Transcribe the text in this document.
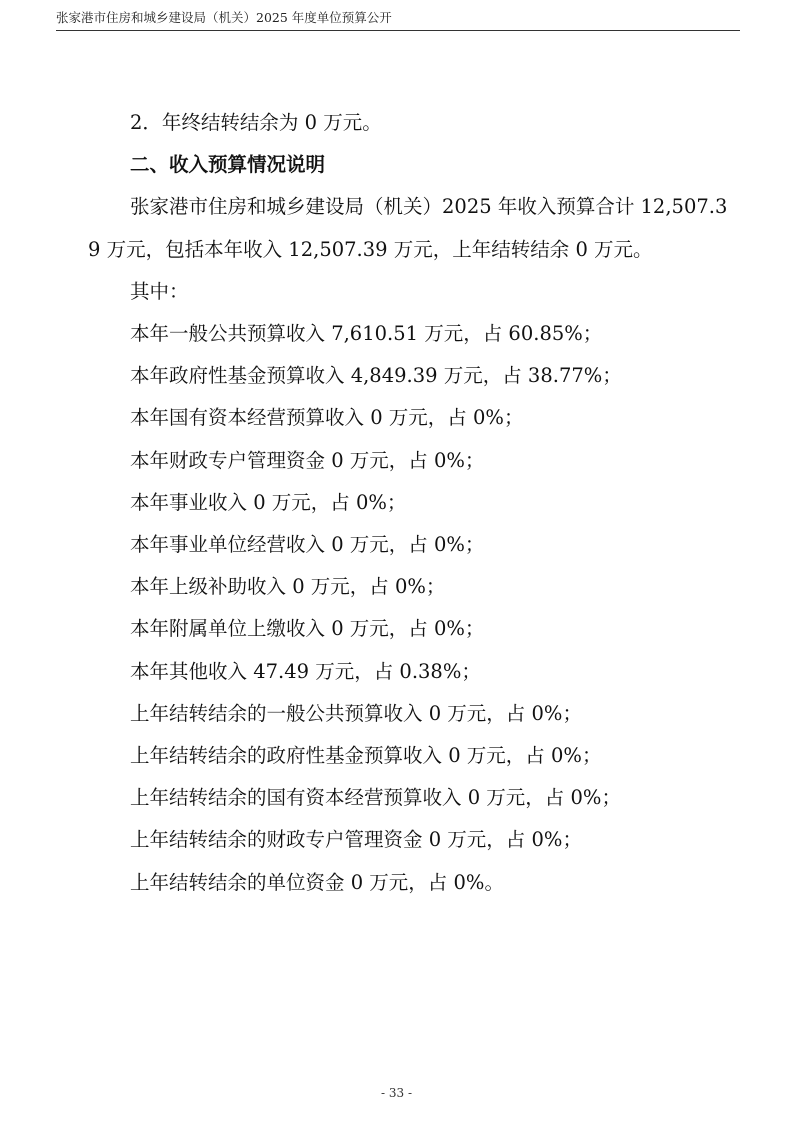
张家港市住房和城乡建设局（机关）2025 年度单位预算公开

2．年终结转结余为 0 万元。

二、收入预算情况说明

张家港市住房和城乡建设局（机关）2025 年收入预算合计 12,507.39 万元，包括本年收入 12,507.39 万元，上年结转结余 0 万元。

其中：

本年一般公共预算收入 7,610.51 万元，占 60.85%；
本年政府性基金预算收入 4,849.39 万元，占 38.77%；
本年国有资本经营预算收入 0 万元，占 0%；
本年财政专户管理资金 0 万元，占 0%；
本年事业收入 0 万元，占 0%；
本年事业单位经营收入 0 万元，占 0%；
本年上级补助收入 0 万元，占 0%；
本年附属单位上缴收入 0 万元，占 0%；
本年其他收入 47.49 万元，占 0.38%；
上年结转结余的一般公共预算收入 0 万元，占 0%；
上年结转结余的政府性基金预算收入 0 万元，占 0%；
上年结转结余的国有资本经营预算收入 0 万元，占 0%；
上年结转结余的财政专户管理资金 0 万元，占 0%；
上年结转结余的单位资金 0 万元，占 0%。
- 33 -
